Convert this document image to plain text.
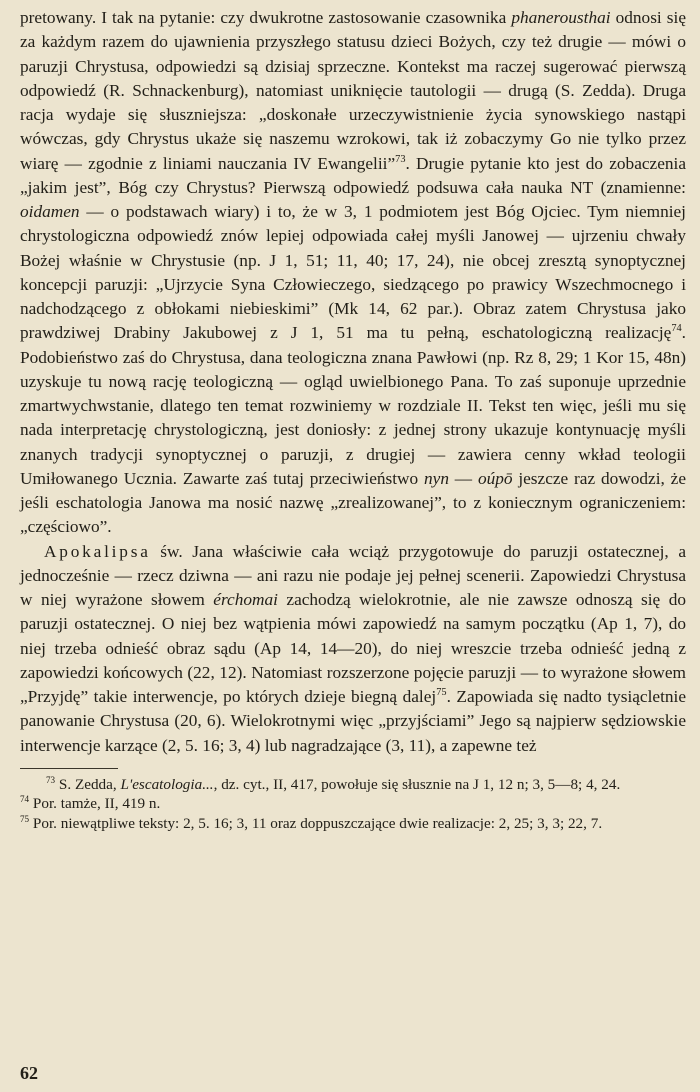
pretowany. I tak na pytanie: czy dwukrotne zastosowanie czasownika phanerousthai odnosi się za każdym razem do ujawnienia przyszłego statusu dzieci Bożych, czy też drugie — mówi o paruzji Chrystusa, odpowiedzi są dzisiaj sprzeczne. Kontekst ma raczej sugerować pierwszą odpowiedź (R. Schnackenburg), natomiast uniknięcie tautologii — drugą (S. Zedda). Druga racja wydaje się słuszniejsza: „doskonałe urzeczywistnienie życia synowskiego nastąpi wówczas, gdy Chrystus ukaże się naszemu wzrokowi, tak iż zobaczymy Go nie tylko przez wiarę — zgodnie z liniami nauczania IV Ewangelii”$^{73}$. Drugie pytanie kto jest do zobaczenia „jakim jest”, Bóg czy Chrystus? Pierwszą odpowiedź podsuwa cała nauka NT (znamienne: oidamen — o podstawach wiary) i to, że w 3, 1 podmiotem jest Bóg Ojciec. Tym niemniej chrystologiczna odpowiedź znów lepiej odpowiada całej myśli Janowej — ujrzeniu chwały Bożej właśnie w Chrystusie (np. J 1, 51; 11, 40; 17, 24), nie obcej zresztą synoptycznej koncepcji paruzji: „Ujrzycie Syna Człowieczego, siedzącego po prawicy Wszechmocnego i nadchodzącego z obłokami niebieskimi” (Mk 14, 62 par.). Obraz zatem Chrystusa jako prawdziwej Drabiny Jakubowej z J 1, 51 ma tu pełną, eschatologiczną realizację$^{74}$. Podobieństwo zaś do Chrystusa, dana teologiczna znana Pawłowi (np. Rz 8, 29; 1 Kor 15, 48n) uzyskuje tu nową rację teologiczną — ogląd uwielbionego Pana. To zaś suponuje uprzednie zmartwychwstanie, dlatego ten temat rozwiniemy w rozdziale II. Tekst ten więc, jeśli mu się nada interpretację chrystologiczną, jest doniosły: z jednej strony ukazuje kontynuację myśli znanych tradycji synoptycznej o paruzji, z drugiej — zawiera cenny wkład teologii Umiłowanego Ucznia. Zawarte zaś tutaj przeciwieństwo nyn — oúpō jeszcze raz dowodzi, że jeśli eschatologia Janowa ma nosić nazwę „zrealizowanej”, to z koniecznym ograniczeniem: „częściowo”.

Apokalipsa św. Jana właściwie cała wciąż przygotowuje do paruzji ostatecznej, a jednocześnie — rzecz dziwna — ani razu nie podaje jej pełnej scenerii. Zapowiedzi Chrystusa w niej wyrażone słowem érchomai zachodzą wielokrotnie, ale nie zawsze odnoszą się do paruzji ostatecznej. O niej bez wątpienia mówi zapowiedź na samym początku (Ap 1, 7), do niej trzeba odnieść obraz sądu (Ap 14, 14—20), do niej wreszcie trzeba odnieść jedną z zapowiedzi końcowych (22, 12). Natomiast rozszerzone pojęcie paruzji — to wyrażone słowem „Przyjdę” takie interwencje, po których dzieje biegną dalej$^{75}$. Zapowiada się nadto tysiącletnie panowanie Chrystusa (20, 6). Wielokrotnymi więc „przyjściami” Jego są najpierw sędziowskie interwencje karzące (2, 5. 16; 3, 4) lub nagradzające (3, 11), a zapewne też

$^{73}$ S. Zedda, L'escatologia..., dz. cyt., II, 417, powołuje się słusznie na J 1, 12 n; 3, 5—8; 4, 24.

$^{74}$ Por. tamże, II, 419 n.

$^{75}$ Por. niewątpliwe teksty: 2, 5. 16; 3, 11 oraz doppuszczające dwie realizacje: 2, 25; 3, 3; 22, 7.

62
